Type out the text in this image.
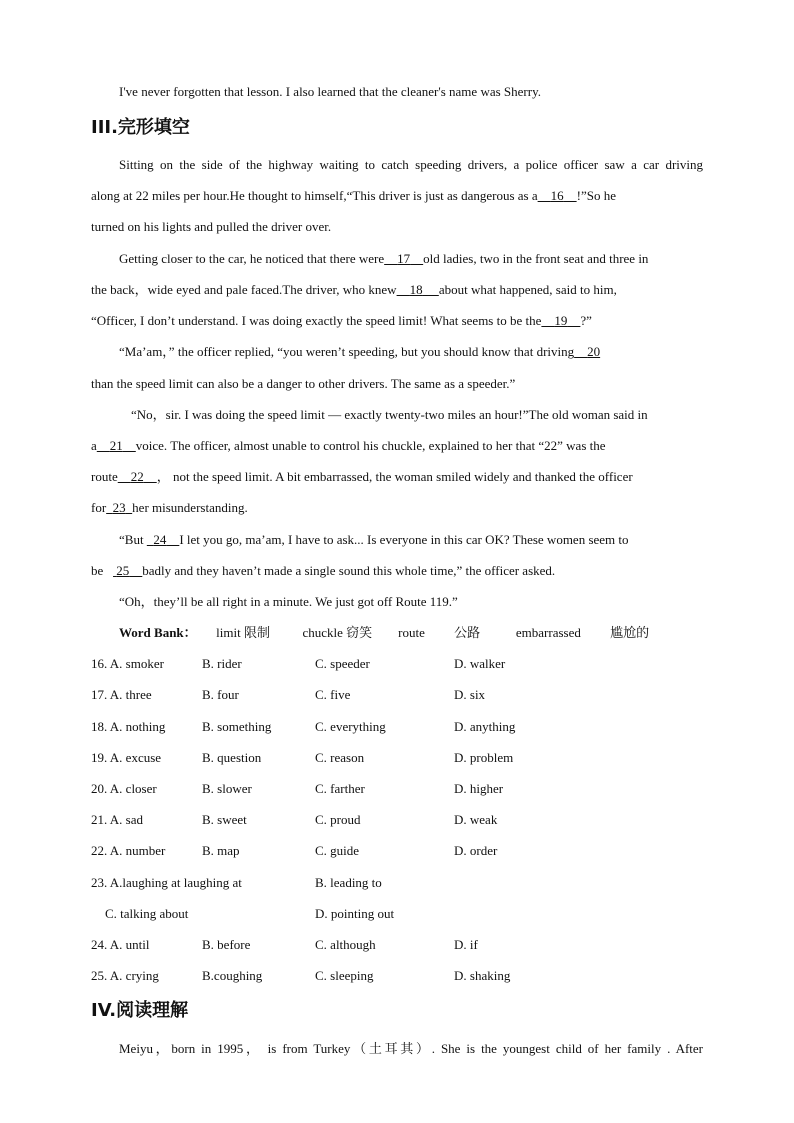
I've never forgotten that lesson. I also learned that the cleaner's name was Sherry.
III.完形填空
Sitting on the side of the highway waiting to catch speeding drivers, a police officer saw a car driving
along at 22 miles per hour.He thought to himself,“This driver is just as dangerous as a 16 !”So he
turned on his lights and pulled the driver over.
Getting closer to the car, he noticed that there were 17 old ladies, two in the front seat and three in
the back，wide eyed and pale faced.The driver, who knew 18 about what happened, said to him,
“Officer, I don’t understand. I was doing exactly the speed limit! What seems to be the 19 ?”
“Ma’am，” the officer replied, “you weren’t speeding, but you should know that driving 20
than the speed limit can also be a danger to other drivers. The same as a speeder.”
“No，sir. I was doing the speed limit — exactly twenty-two miles an hour!”The old woman said in
a 21 voice. The officer, almost unable to control his chuckle, explained to her that “22” was the
route 22 ， not the speed limit. A bit embarrassed, the woman smiled widely and thanked the officer
for 23 her misunderstanding.
“But 24 I let you go, ma’am, I have to ask... Is everyone in this car OK? These women seem to
be 25 badly and they haven’t made a single sound this whole time,” the officer asked.
“Oh，they’ll be all right in a minute. We just got off Route 119.”
Word Bank： limit 限制	chuckle 窃笑 route 公路	embarrassed 尴尬的
16. A. smoker	B. rider	C. speeder	D. walker
17. A. three	B. four	C. five	D. six
18. A. nothing	B. something	C. everything	D. anything
19. A. excuse	B. question	C. reason	D. problem
20. A. closer	B. slower	C. farther	D. higher
21. A. sad	B. sweet	C. proud	D. weak
22. A. number	B. map	C. guide	D. order
23. A.laughing at laughing at	B. leading to
C. talking about	D. pointing out
24. A. until	B. before	C. although	D. if
25. A. crying	B.coughing	C. sleeping	D. shaking
IV.阅读理解
Meiyu，born in 1995， is from Turkey（土耳其）. She is the youngest child of her family . After
